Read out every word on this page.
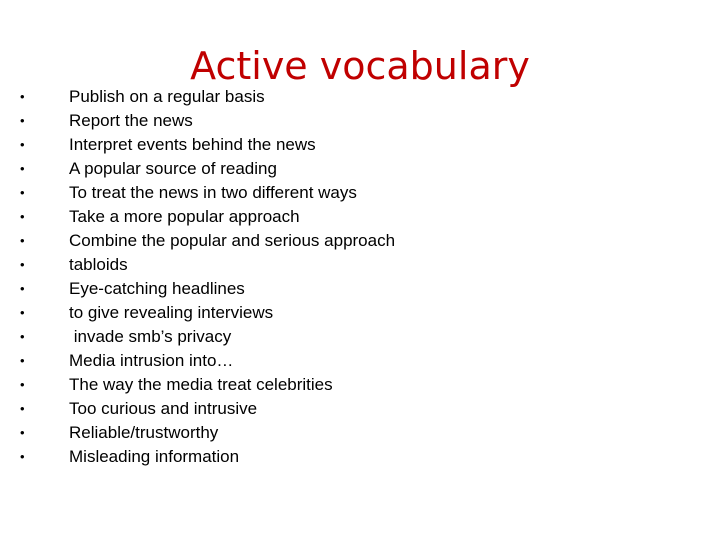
Active vocabulary
•	Publish on a regular basis
•	Report the news
•	Interpret events behind the news
•	A popular source of reading
•	To treat the news in two different ways
•	Take a more popular approach
•	Combine the popular and serious approach
•	tabloids
•	Eye-catching headlines
•	to give revealing interviews
•	invade smb’s privacy
•	Media intrusion into…
•	The way the media treat celebrities
•	Too curious and intrusive
•	Reliable/trustworthy
•	Misleading information
